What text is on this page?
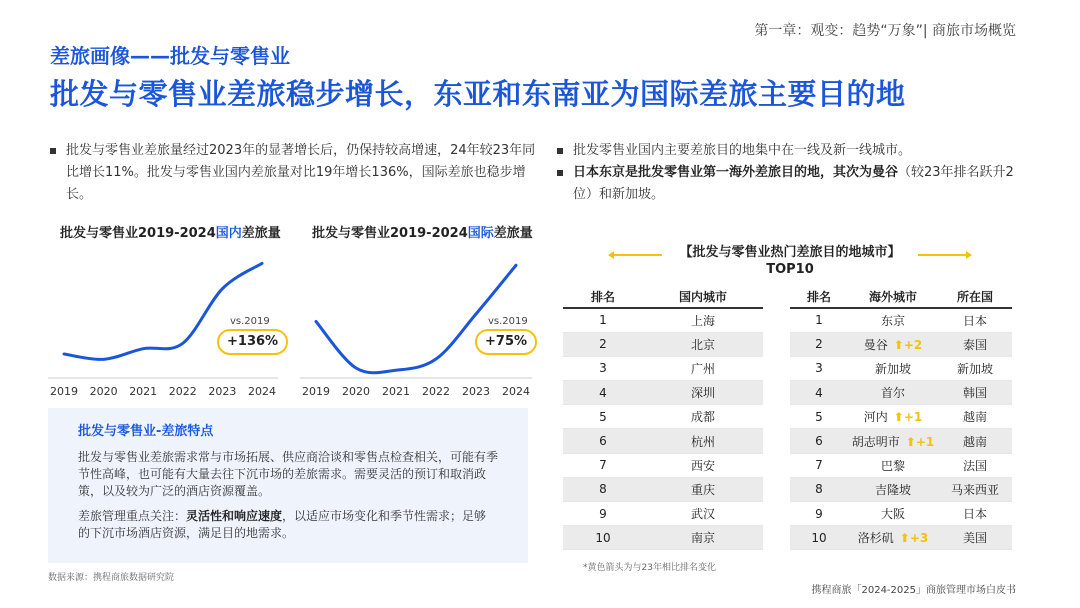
第一章：观变：趋势“万象”| 商旅市场概览
差旅画像——批发与零售业
批发与零售业差旅稳步增长，东亚和东南亚为国际差旅主要目的地
批发与零售业差旅量经过2023年的显著增长后，仍保持较高增速，24年较23年同比增长11%。批发与零售业国内差旅量对比19年增长136%，国际差旅也稳步增长。
批发零售业国内主要差旅目的地集中在一线及新一线城市。
日本东京是批发零售业第一海外差旅目的地，其次为曼谷（较23年排名跃升2位）和新加坡。
批发与零售业2019-2024国内差旅量 批发与零售业2019-2024国际差旅量
2019 2020 2021 2022 2023 2024 2019 2020 2021 2022 2023 2024
vs.2019
+136%
vs.2019
+75%
批发与零售业-差旅特点

批发与零售业差旅需求常与市场拓展、供应商洽谈和零售点检查相关，可能有季节性高峰，也可能有大量去往下沉市场的差旅需求。需要灵活的预订和取消政策，以及较为广泛的酒店资源覆盖。

差旅管理重点关注：灵活性和响应速度，以适应市场变化和季节性需求；足够的下沉市场酒店资源，满足目的地需求。

数据来源：携程商旅数据研究院
【批发与零售业热门差旅目的地城市】
TOP10
排名	国内城市
1	上海
2	北京
3	广州
4	深圳
5	成都
6	杭州
7	西安
8	重庆
9	武汉
10	南京
排名	海外城市	所在国
1	东京	日本
2	曼谷 ⬆+2	泰国
3	新加坡	新加坡
4	首尔	韩国
5	河内 ⬆+1	越南
6	胡志明市 ⬆+1	越南
7	巴黎	法国
8	吉隆坡	马来西亚
9	大阪	日本
10	洛杉矶 ⬆+3	美国
*黄色箭头为与23年相比排名变化
携程商旅「2024-2025」商旅管理市场白皮书
